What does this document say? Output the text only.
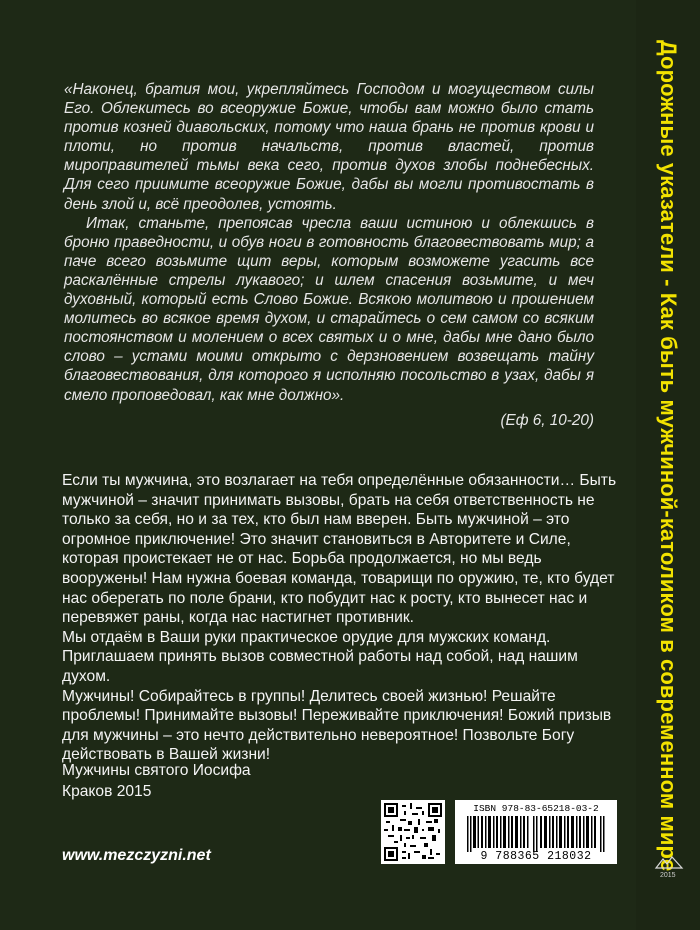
Дорожные указатели - Как быть мужчиной-католиком в современном мире

«Наконец, братия мои, укрепляйтесь Господом и могуществом силы Его. Облекитесь во всеоружие Божие, чтобы вам можно было стать против козней диавольских, потому что наша брань не против крови и плоти, но против начальств, против властей, против мироправителей тьмы века сего, против духов злобы поднебесных. Для сего приимите всеоружие Божие, дабы вы могли противостать в день злой и, всё преодолев, устоять.

Итак, станьте, препоясав чресла ваши истиною и облекшись в броню праведности, и обув ноги в готовность благовествовать мир; а паче всего возьмите щит веры, которым возможете угасить все раскалённые стрелы лукавого; и шлем спасения возьмите, и меч духовный, который есть Слово Божие. Всякою молитвою и прошением молитесь во всякое время духом, и старайтесь о сем самом со всяким постоянством и молением о всех святых и о мне, дабы мне дано было слово – устами моими открыто с дерзновением возвещать тайну благовествования, для которого я исполняю посольство в узах, дабы я смело проповедовал, как мне должно».

(Еф 6, 10-20)

Если ты мужчина, это возлагает на тебя определённые обязанности… Быть мужчиной – значит принимать вызовы, брать на себя ответственность не только за себя, но и за тех, кто был нам вверен. Быть мужчиной – это огромное приключение! Это значит становиться в Авторитете и Силе, которая проистекает не от нас. Борьба продолжается, но мы ведь вооружены! Нам нужна боевая команда, товарищи по оружию, те, кто будет нас оберегать по поле брани, кто побудит нас к росту, кто вынесет нас и перевяжет раны, когда нас настигнет противник.

Мы отдаём в Ваши руки практическое орудие для мужских команд. Приглашаем принять вызов совместной работы над собой, над нашим духом.

Мужчины! Собирайтесь в группы! Делитесь своей жизнью! Решайте проблемы! Принимайте вызовы! Переживайте приключения! Божий призыв для мужчины – это нечто действительно невероятное! Позвольте Богу действовать в Вашей жизни!

Мужчины святого Иосифа
Краков 2015
www.mezczyzni.net
ISBN 978-83-65218-03-2
9 788365 218032
2015
